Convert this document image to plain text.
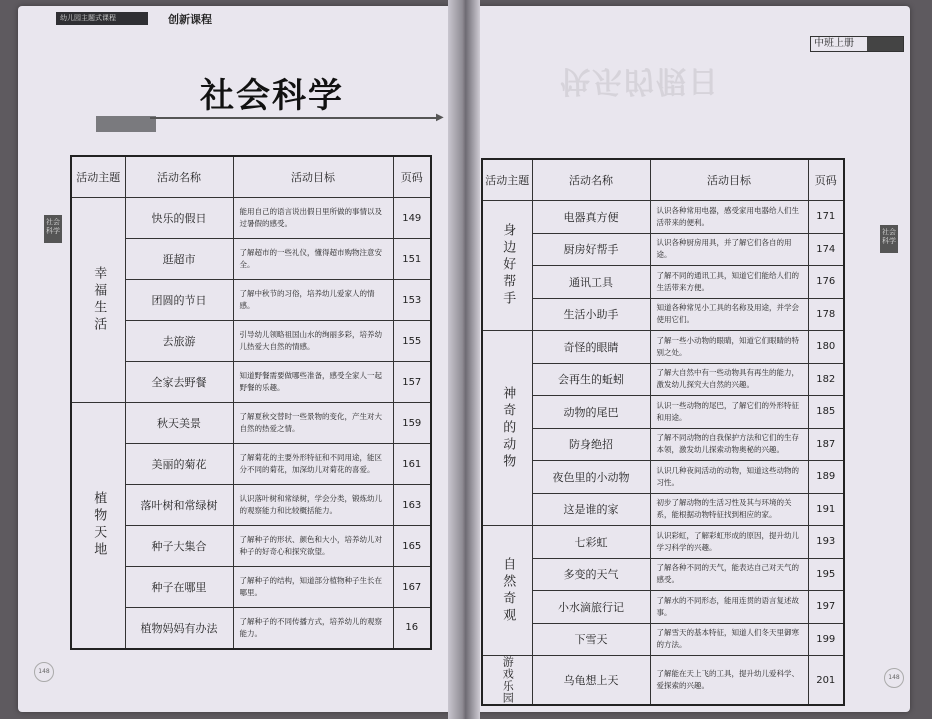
幼儿园主题式课程	创新课程
社会科学
▶
社会科学
148
快乐的假日
中班上册
社会科学
148
活动主题	活动名称	活动目标	页码
幸福生活	快乐的假日	能用自己的语言说出假日里所做的事情以及过暑假的感受。	149
	逛超市	了解超市的一些礼仪，懂得超市购物注意安全。	151
	团圆的节日	了解中秋节的习俗，培养幼儿爱家人的情感。	153
	去旅游	引导幼儿领略祖国山水的绚丽多彩，培养幼儿热爱大自然的情感。	155
	全家去野餐	知道野餐需要做哪些准备，感受全家人一起野餐的乐趣。	157
植物天地	秋天美景	了解夏秋交替时一些景物的变化，产生对大自然的热爱之情。	159
	美丽的菊花	了解菊花的主要外形特征和不同用途，能区分不同的菊花，加深幼儿对菊花的喜爱。	161
	落叶树和常绿树	认识落叶树和常绿树，学会分类，锻炼幼儿的观察能力和比较概括能力。	163
	种子大集合	了解种子的形状、颜色和大小，培养幼儿对种子的好奇心和探究欲望。	165
	种子在哪里	了解种子的结构，知道部分植物种子生长在哪里。	167
	植物妈妈有办法	了解种子的不同传播方式，培养幼儿的观察能力。	16
活动主题	活动名称	活动目标	页码
身边好帮手	电器真方便	认识各种常用电器，感受家用电器给人们生活带来的便利。	171
	厨房好帮手	认识各种厨房用具，并了解它们各自的用途。	174
	通讯工具	了解不同的通讯工具，知道它们能给人们的生活带来方便。	176
	生活小助手	知道各种常见小工具的名称及用途，并学会使用它们。	178
神奇的动物	奇怪的眼睛	了解一些小动物的眼睛，知道它们眼睛的特别之处。	180
	会再生的蚯蚓	了解大自然中有一些动物具有再生的能力，激发幼儿探究大自然的兴趣。	182
	动物的尾巴	认识一些动物的尾巴，了解它们的外形特征和用途。	185
	防身绝招	了解不同动物的自我保护方法和它们的生存本领，激发幼儿探索动物奥秘的兴趣。	187
	夜色里的小动物	认识几种夜间活动的动物，知道这些动物的习性。	189
	这是谁的家	初步了解动物的生活习性及其与环境的关系，能根据动物特征找到相应的家。	191
自然奇观	七彩虹	认识彩虹，了解彩虹形成的原因，提升幼儿学习科学的兴趣。	193
	多变的天气	了解各种不同的天气，能表达自己对天气的感受。	195
	小水滴旅行记	了解水的不同形态，能用连贯的语言复述故事。	197
	下雪天	了解雪天的基本特征，知道人们冬天里御寒的方法。	199
游戏乐园	乌龟想上天	了解能在天上飞的工具，提升幼儿爱科学、爱探索的兴趣。	201
